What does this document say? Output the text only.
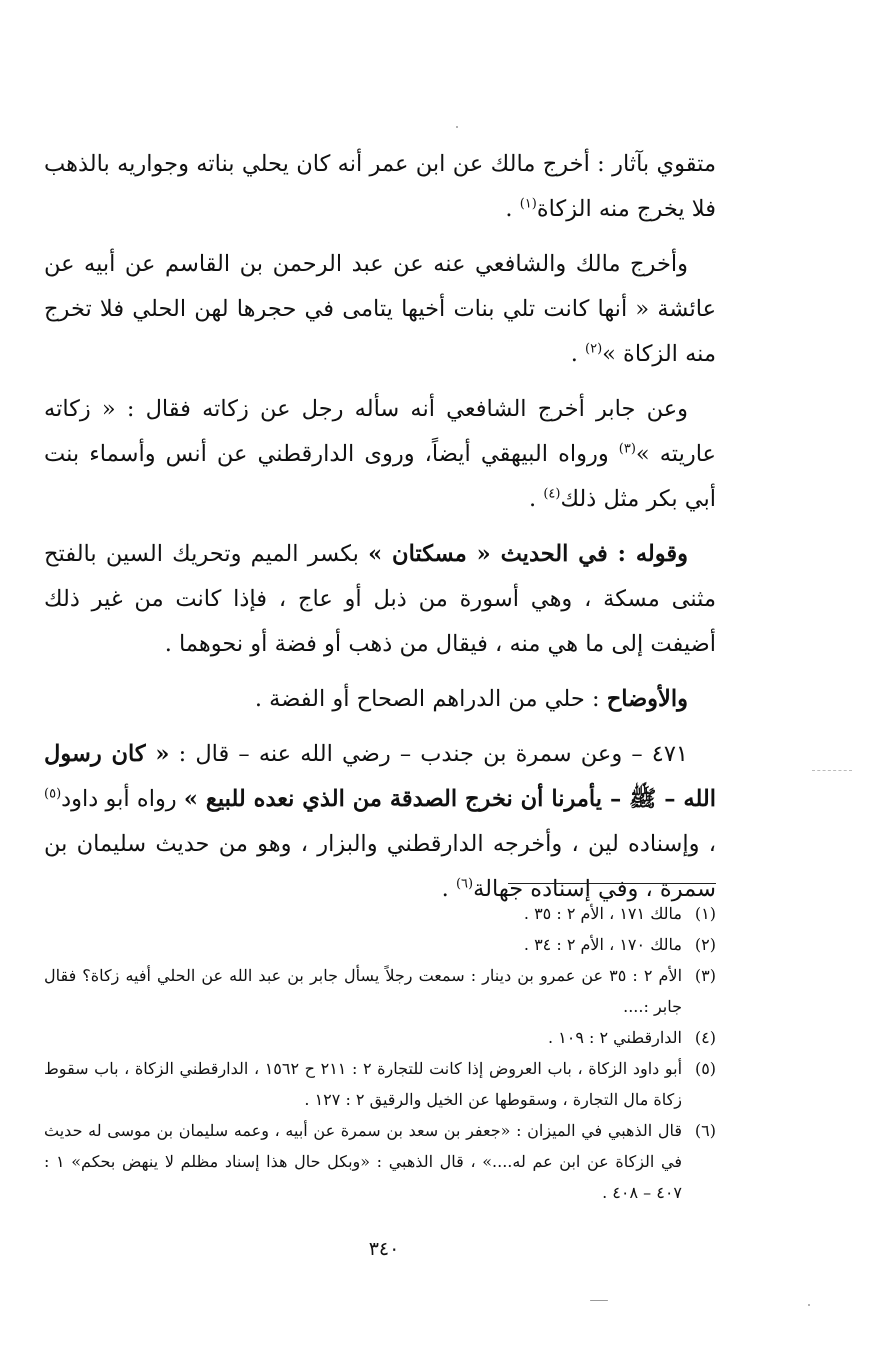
متقوي بآثار : أخرج مالك عن ابن عمر أنه كان يحلي بناته وجواريه بالذهب فلا يخرج منه الزكاة$^{(١)}$ .

وأخرج مالك والشافعي عنه عن عبد الرحمن بن القاسم عن أبيه عن عائشة « أنها كانت تلي بنات أخيها يتامى في حجرها لهن الحلي فلا تخرج منه الزكاة »$^{(٢)}$ .

وعن جابر أخرج الشافعي أنه سأله رجل عن زكاته فقال : « زكاته عاريته »$^{(٣)}$ ورواه البيهقي أيضاً، وروى الدارقطني عن أنس وأسماء بنت أبي بكر مثل ذلك$^{(٤)}$ .

وقوله : في الحديث « مسكتان » بكسر الميم وتحريك السين بالفتح مثنى مسكة ، وهي أسورة من ذبل أو عاج ، فإذا كانت من غير ذلك أضيفت إلى ما هي منه ، فيقال من ذهب أو فضة أو نحوهما .

والأوضاح : حلي من الدراهم الصحاح أو الفضة .

٤٧١ – وعن سمرة بن جندب – رضي الله عنه – قال : « كان رسول الله – ﷺ – يأمرنا أن نخرج الصدقة من الذي نعده للبيع » رواه أبو داود$^{(٥)}$ ، وإسناده لين ، وأخرجه الدارقطني والبزار ، وهو من حديث سليمان بن سمرة ، وفي إسناده جهالة$^{(٦)}$ .

(١)مالك ١٧١ ، الأم ٢ : ٣٥ .

(٢)مالك ١٧٠ ، الأم ٢ : ٣٤ .

(٣)الأم ٢ : ٣٥ عن عمرو بن دينار : سمعت رجلاً يسأل جابر بن عبد الله عن الحلي أفيه زكاة؟ فقال جابر :....

(٤)الدارقطني ٢ : ١٠٩ .

(٥)أبو داود الزكاة ، باب العروض إذا كانت للتجارة ٢ : ٢١١ ح ١٥٦٢ ، الدارقطني الزكاة ، باب سقوط زكاة مال التجارة ، وسقوطها عن الخيل والرقيق ٢ : ١٢٧ .

(٦)قال الذهبي في الميزان : «جعفر بن سعد بن سمرة عن أبيه ، وعمه سليمان بن موسى له حديث في الزكاة عن ابن عم له....» ، قال الذهبي : «وبكل حال هذا إسناد مظلم لا ينهض بحكم» ١ : ٤٠٧ – ٤٠٨ .

٣٤٠
